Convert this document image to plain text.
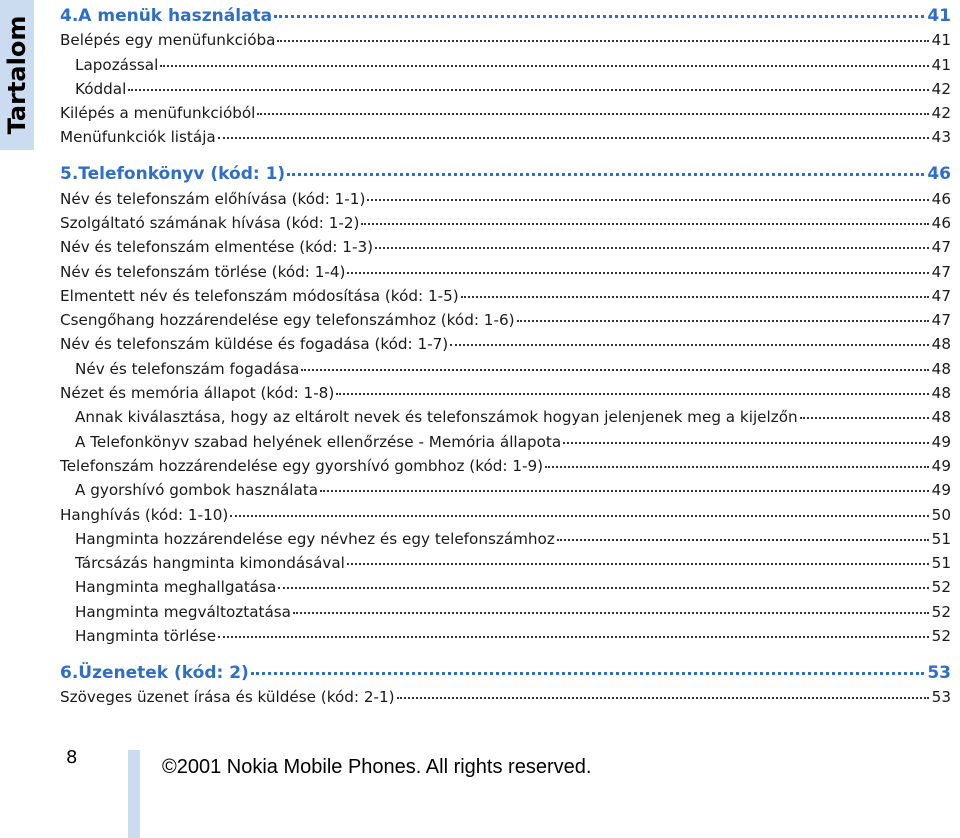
Tartalom 4.A menük használata	41
Belépés egy menüfunkcióba	41
Lapozással	41
Kóddal	42
Kilépés a menüfunkcióból	42
Menüfunkciók listája	43
5.Telefonkönyv (kód: 1)	46
Név és telefonszám előhívása (kód: 1-1)	46
Szolgáltató számának hívása (kód: 1-2)	46
Név és telefonszám elmentése (kód: 1-3)	47
Név és telefonszám törlése (kód: 1-4)	47
Elmentett név és telefonszám módosítása (kód: 1-5)	47
Csengőhang hozzárendelése egy telefonszámhoz (kód: 1-6)	47
Név és telefonszám küldése és fogadása (kód: 1-7)	48
Név és telefonszám fogadása	48
Nézet és memória állapot (kód: 1-8)	48
Annak kiválasztása, hogy az eltárolt nevek és telefonszámok hogyan jelenjenek meg a kijelzőn	48
A Telefonkönyv szabad helyének ellenőrzése - Memória állapota	49
Telefonszám hozzárendelése egy gyorshívó gombhoz (kód: 1-9)	49
A gyorshívó gombok használata	49
Hanghívás (kód: 1-10)	50
Hangminta hozzárendelése egy névhez és egy telefonszámhoz	51
Tárcsázás hangminta kimondásával	51
Hangminta meghallgatása	52
Hangminta megváltoztatása	52
Hangminta törlése	52
6.Üzenetek (kód: 2)	53
Szöveges üzenet írása és küldése (kód: 2-1)	53
8	©2001 Nokia Mobile Phones. All rights reserved.
